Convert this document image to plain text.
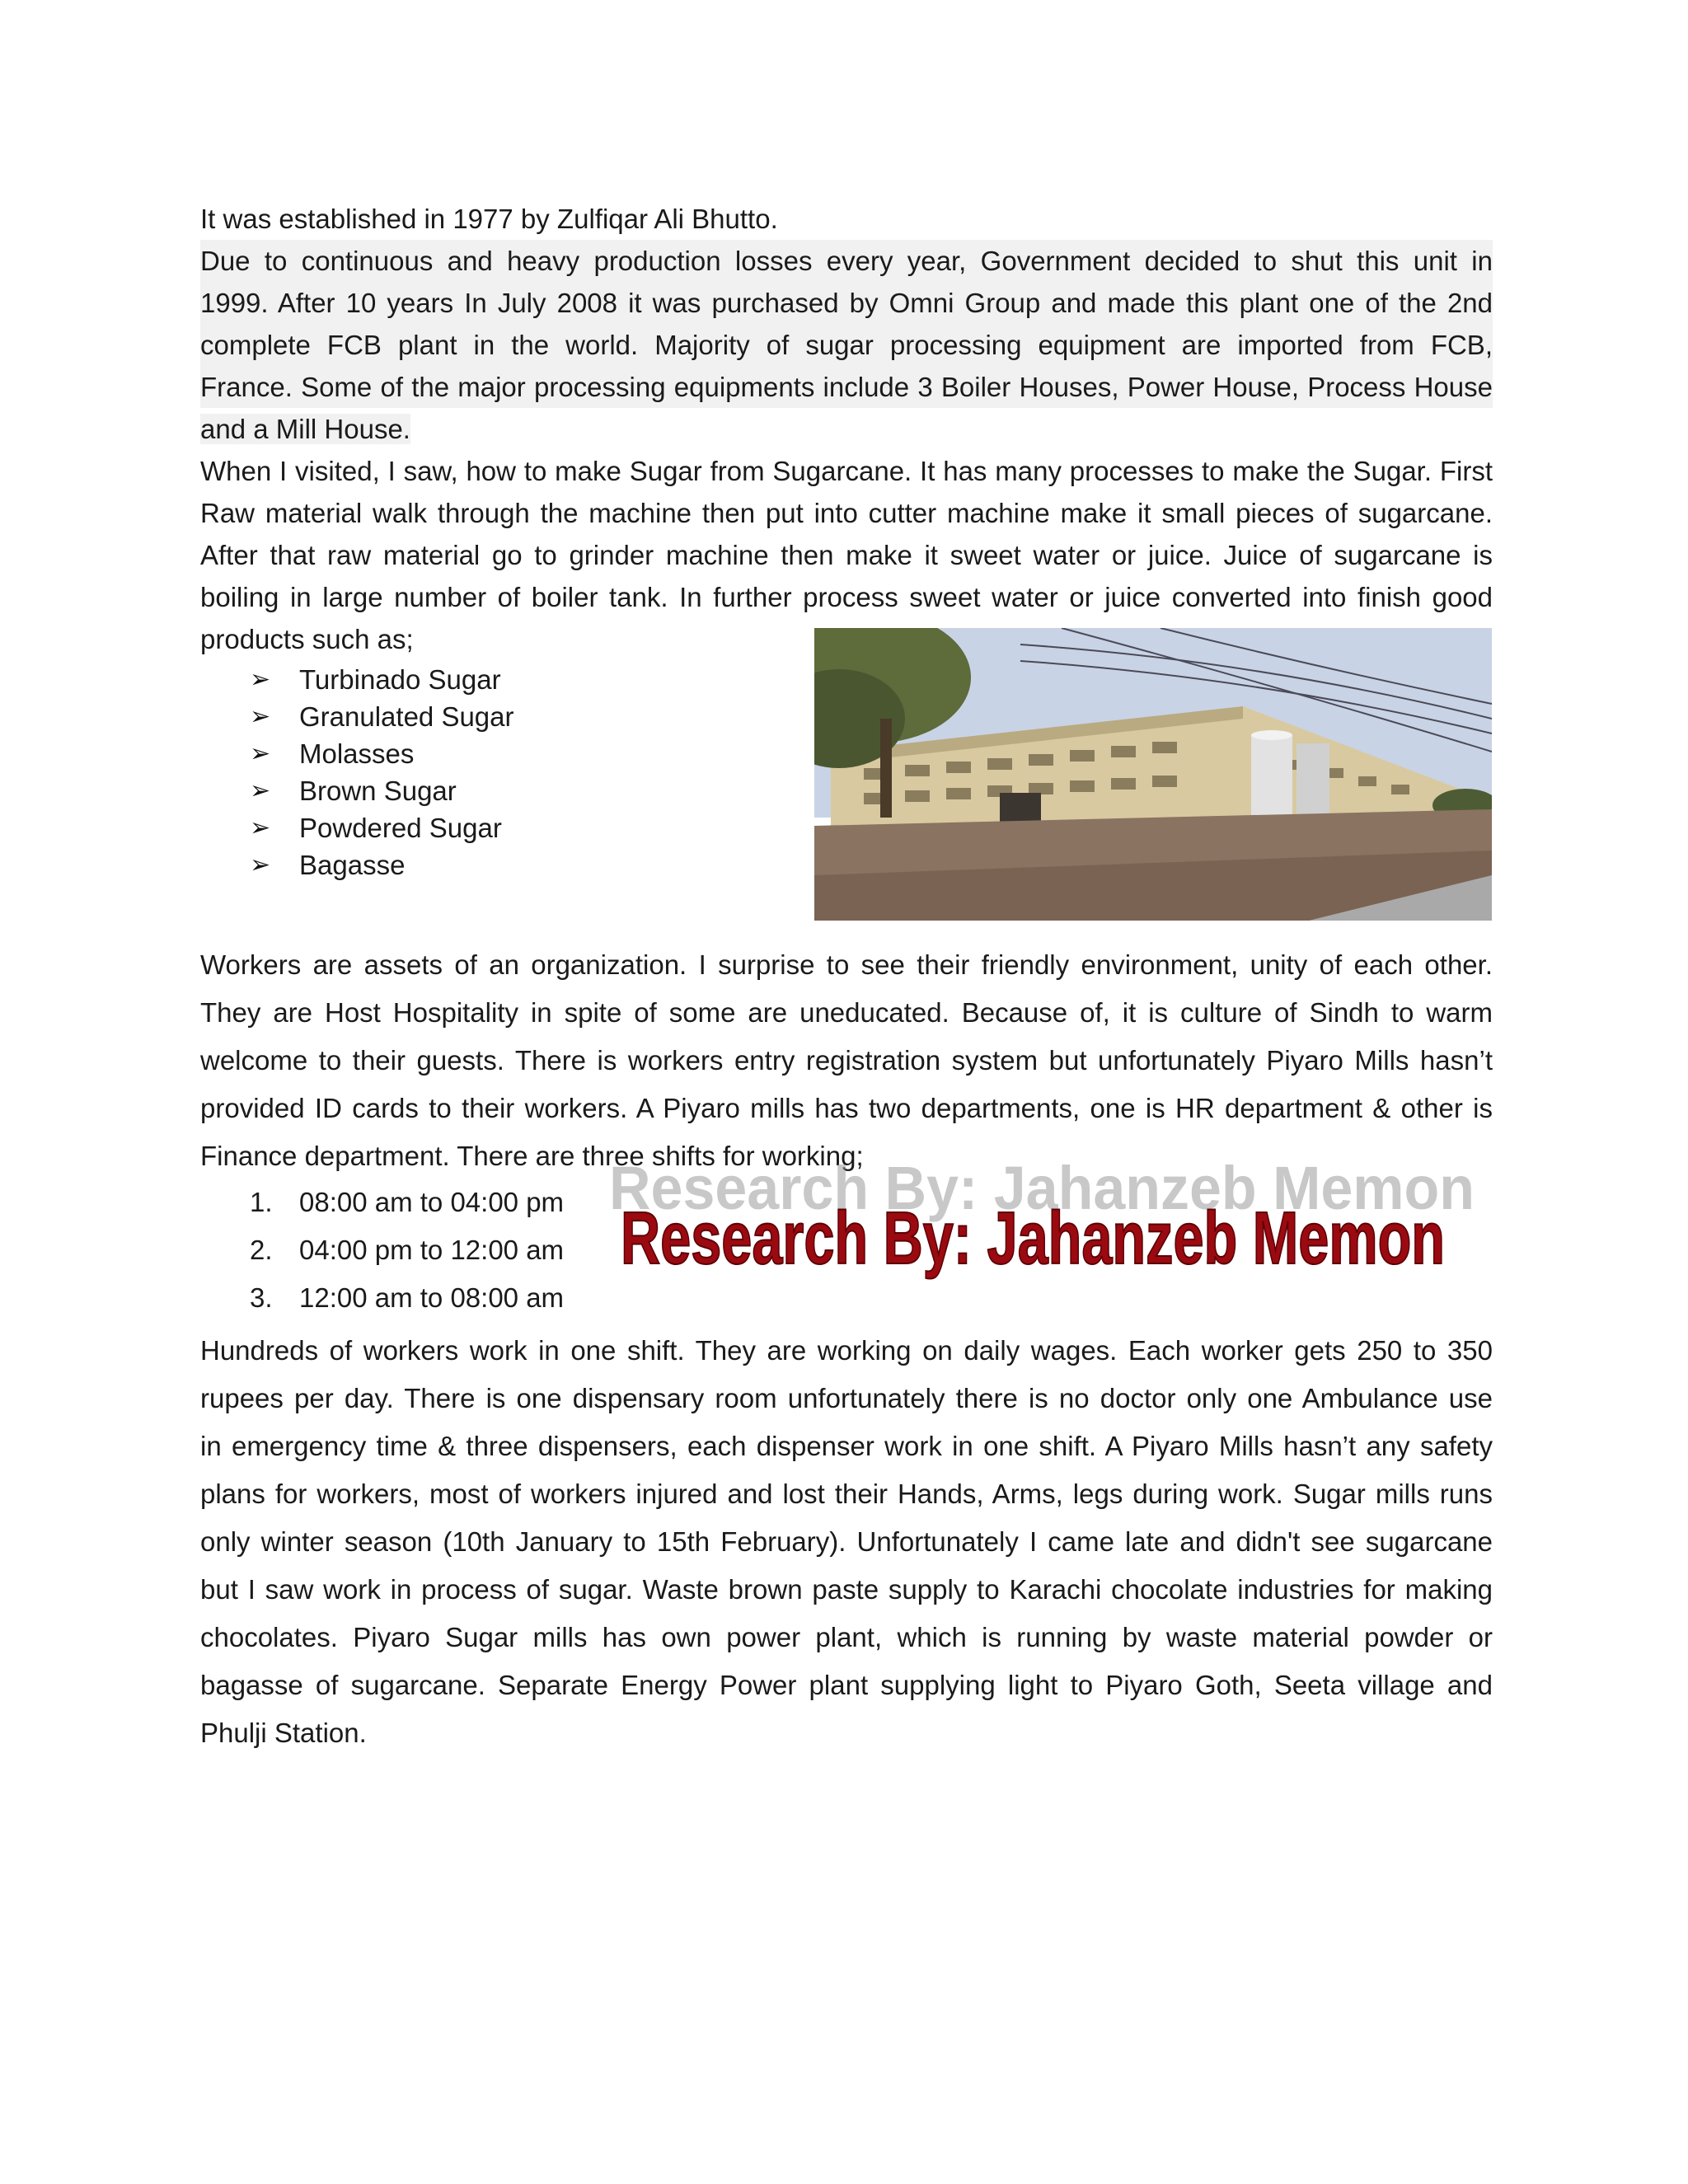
It was established in 1977 by Zulfiqar Ali Bhutto.
Due to continuous and heavy production losses every year, Government decided to shut this unit in
1999. After 10 years In July 2008 it was purchased by Omni Group and made this plant one of the 2nd
complete FCB plant in the world. Majority of sugar processing equipment are imported from FCB,
France. Some of the major processing equipments include 3 Boiler Houses, Power House, Process House
and a Mill House.
When I visited, I saw, how to make Sugar from Sugarcane. It has many processes to make the Sugar. First
Raw material walk through the machine then put into cutter machine make it small pieces of sugarcane.
After that raw material go to grinder machine then make it sweet water or juice. Juice of sugarcane is
boiling in large number of boiler tank. In further process sweet water or juice converted into finish good
products such as;
➢	Turbinado Sugar
➢	Granulated Sugar
➢	Molasses
➢	Brown Sugar
➢	Powdered Sugar
➢	Bagasse
Workers are assets of an organization. I surprise to see their friendly environment, unity of each other.
They are Host Hospitality in spite of some are uneducated. Because of, it is culture of Sindh to warm
welcome to their guests. There is workers entry registration system but unfortunately Piyaro Mills hasn’t
provided ID cards to their workers. A Piyaro mills has two departments, one is HR department & other is
Finance department. There are three shifts for working;
1. 08:00 am to 04:00 pm
2. 04:00 pm to 12:00 am
3. 12:00 am to 08:00 am
Research By: Jahanzeb Memon
Research By: Jahanzeb Memon
Hundreds of workers work in one shift. They are working on daily wages. Each worker gets 250 to 350
rupees per day. There is one dispensary room unfortunately there is no doctor only one Ambulance use
in emergency time & three dispensers, each dispenser work in one shift. A Piyaro Mills hasn’t any safety
plans for workers, most of workers injured and lost their Hands, Arms, legs during work. Sugar mills runs
only winter season (10th January to 15th February). Unfortunately I came late and didn't see sugarcane
but I saw work in process of sugar. Waste brown paste supply to Karachi chocolate industries for making
chocolates. Piyaro Sugar mills has own power plant, which is running by waste material powder or
bagasse of sugarcane. Separate Energy Power plant supplying light to Piyaro Goth, Seeta village and
Phulji Station.
